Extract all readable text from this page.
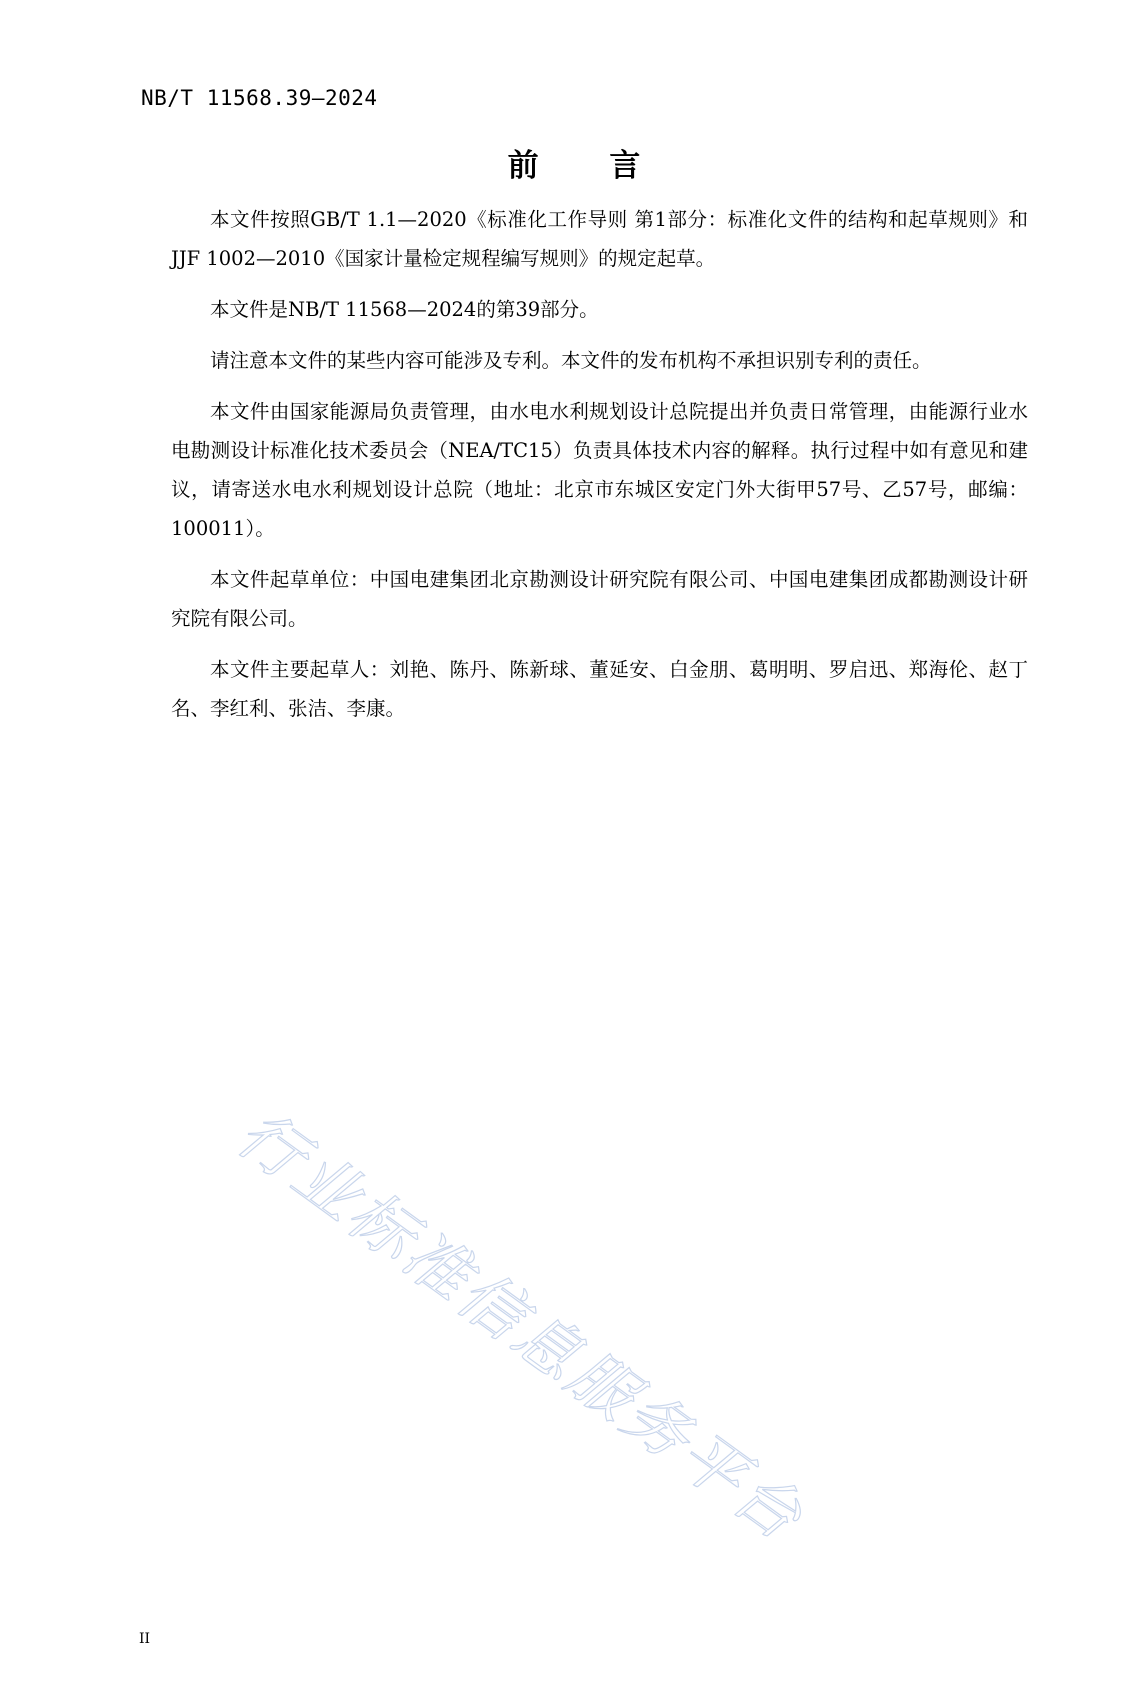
NB/T 11568.39—2024
前 言

本文件按照GB/T 1.1—2020《标准化工作导则 第1部分：标准化文件的结构和起草规则》和JJF 1002—2010《国家计量检定规程编写规则》的规定起草。

本文件是NB/T 11568—2024的第39部分。

请注意本文件的某些内容可能涉及专利。本文件的发布机构不承担识别专利的责任。

本文件由国家能源局负责管理，由水电水利规划设计总院提出并负责日常管理，由能源行业水电勘测设计标准化技术委员会（NEA/TC15）负责具体技术内容的解释。执行过程中如有意见和建议，请寄送水电水利规划设计总院（地址：北京市东城区安定门外大街甲57号、乙57号，邮编：100011）。

本文件起草单位：中国电建集团北京勘测设计研究院有限公司、中国电建集团成都勘测设计研究院有限公司。

本文件主要起草人：刘艳、陈丹、陈新球、董延安、白金朋、葛明明、罗启迅、郑海伦、赵丁名、李红利、张洁、李康。

行业标准信息服务平台
II
